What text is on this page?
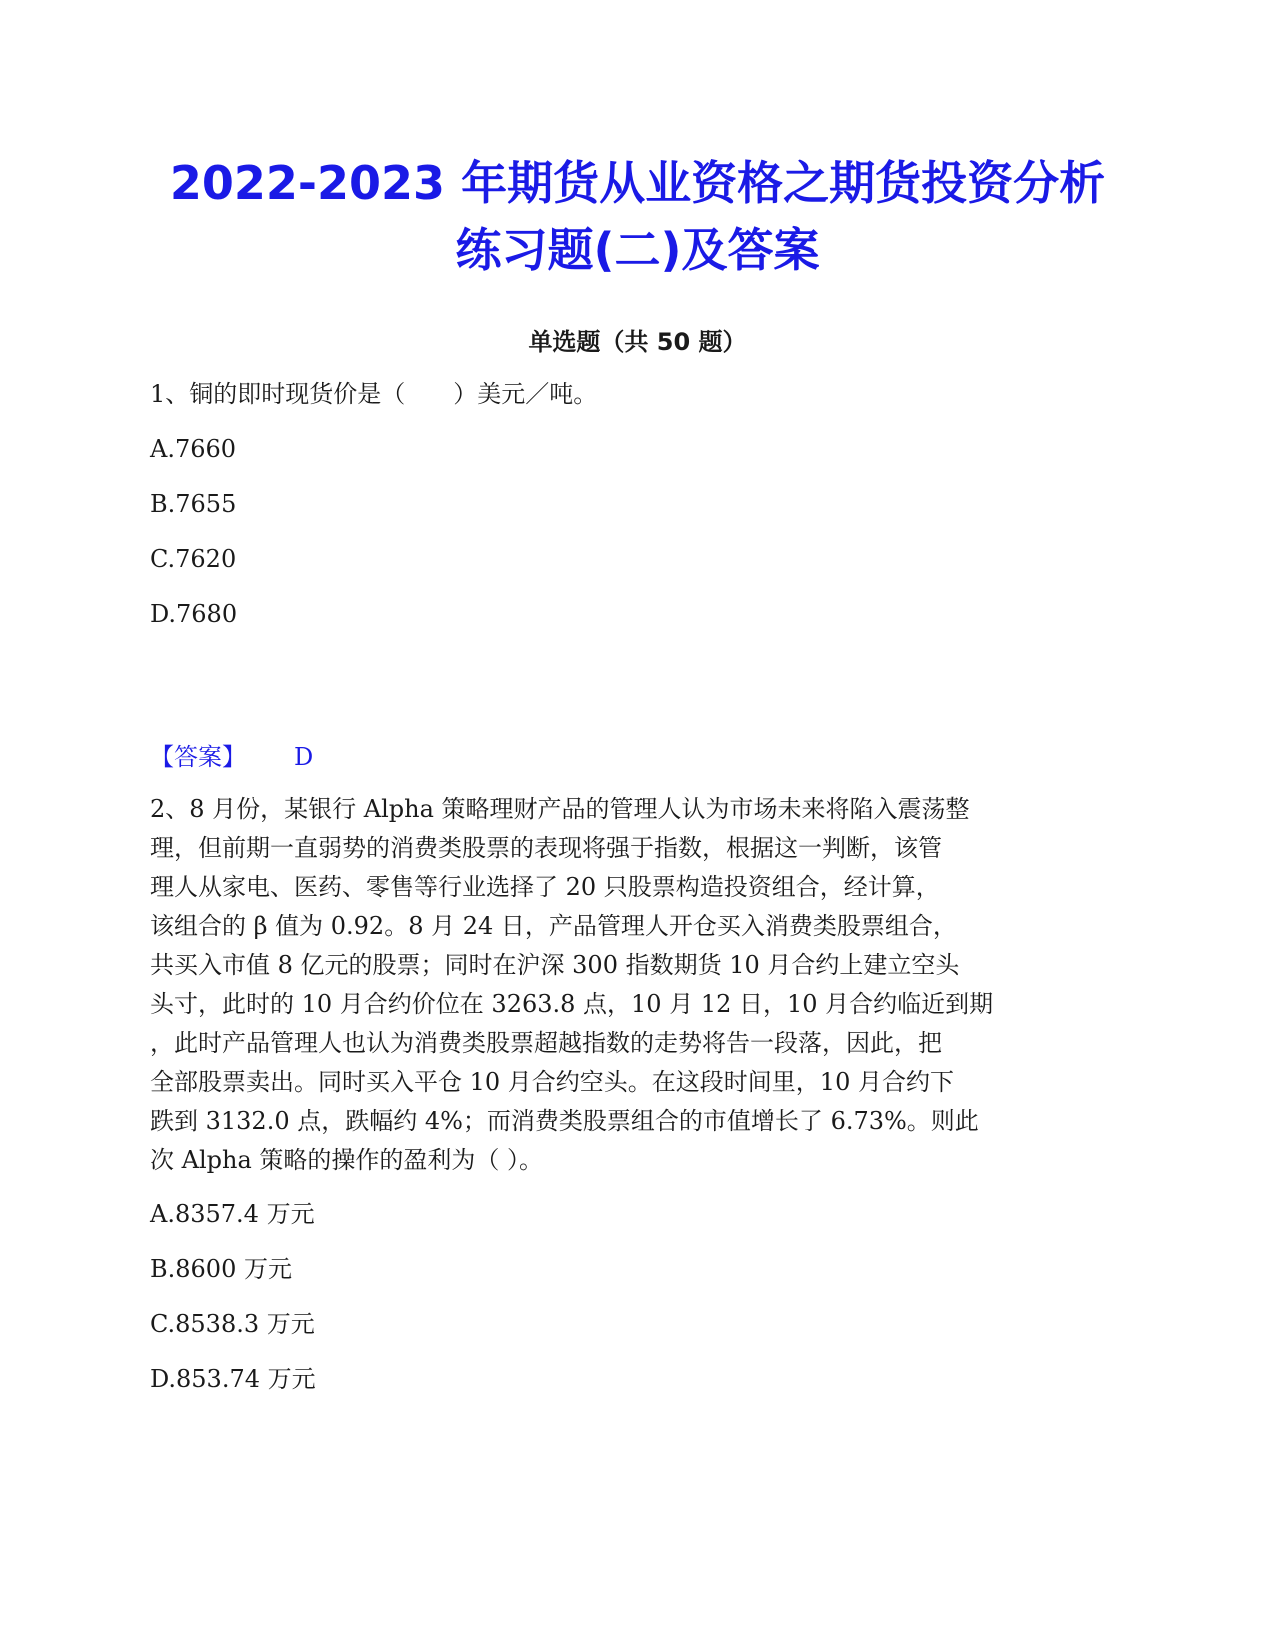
2022-2023 年期货从业资格之期货投资分析
练习题(二)及答案
单选题（共 50 题）
1、铜的即时现货价是（　　）美元／吨。
A.7660
B.7655
C.7620
D.7680
【答案】 D
2、8 月份，某银行 Alpha 策略理财产品的管理人认为市场未来将陷入震荡整
理，但前期一直弱势的消费类股票的表现将强于指数，根据这一判断，该管
理人从家电、医药、零售等行业选择了 20 只股票构造投资组合，经计算，
该组合的 β 值为 0.92。8 月 24 日，产品管理人开仓买入消费类股票组合，
共买入市值 8 亿元的股票；同时在沪深 300 指数期货 10 月合约上建立空头
头寸，此时的 10 月合约价位在 3263.8 点，10 月 12 日，10 月合约临近到期
，此时产品管理人也认为消费类股票超越指数的走势将告一段落，因此，把
全部股票卖出。同时买入平仓 10 月合约空头。在这段时间里，10 月合约下
跌到 3132.0 点，跌幅约 4%；而消费类股票组合的市值增长了 6.73%。则此
次 Alpha 策略的操作的盈利为（ ）。
A.8357.4 万元
B.8600 万元
C.8538.3 万元
D.853.74 万元
